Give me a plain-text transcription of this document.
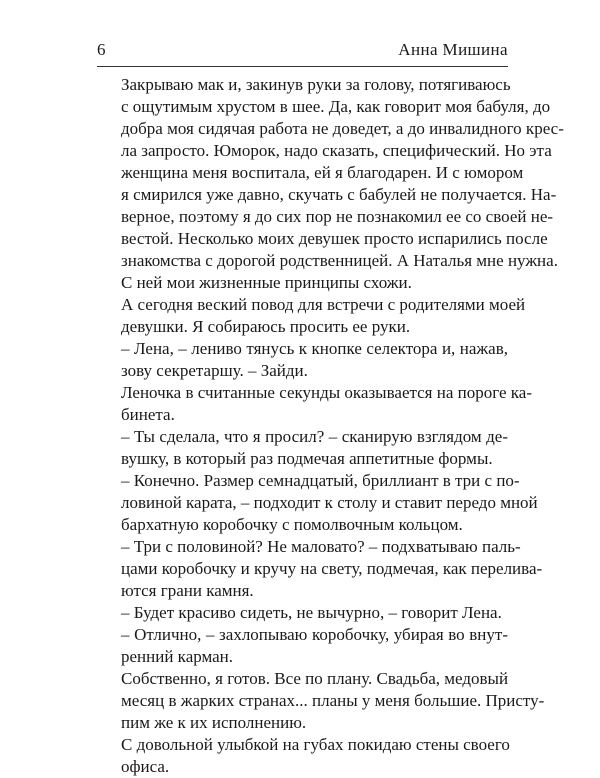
6	Анна Мишина

Закрываю мак и, закинув руки за голову, потягиваюсь
с ощутимым хрустом в шее. Да, как говорит моя бабуля, до
добра моя сидячая работа не доведет, а до инвалидного крес-
ла запросто. Юморок, надо сказать, специфический. Но эта
женщина меня воспитала, ей я благодарен. И с юмором
я смирился уже давно, скучать с бабулей не получается. На-
верное, поэтому я до сих пор не познакомил ее со своей не-
вестой. Несколько моих девушек просто испарились после
знакомства с дорогой родственницей. А Наталья мне нужна.
С ней мои жизненные принципы схожи.

А сегодня веский повод для встречи с родителями моей
девушки. Я собираюсь просить ее руки.

– Лена, – лениво тянусь к кнопке селектора и, нажав,
зову секретаршу. – Зайди.

Леночка в считанные секунды оказывается на пороге ка-
бинета.

– Ты сделала, что я просил? – сканирую взглядом де-
вушку, в который раз подмечая аппетитные формы.

– Конечно. Размер семнадцатый, бриллиант в три с по-
ловиной карата, – подходит к столу и ставит передо мной
бархатную коробочку с помолвочным кольцом.

– Три с половиной? Не маловато? – подхватываю паль-
цами коробочку и кручу на свету, подмечая, как перелива-
ются грани камня.

– Будет красиво сидеть, не вычурно, – говорит Лена.

– Отлично, – захлопываю коробочку, убирая во внут-
ренний карман.

Собственно, я готов. Все по плану. Свадьба, медовый
месяц в жарких странах... планы у меня большие. Присту-
пим же к их исполнению.

С довольной улыбкой на губах покидаю стены своего
офиса.
